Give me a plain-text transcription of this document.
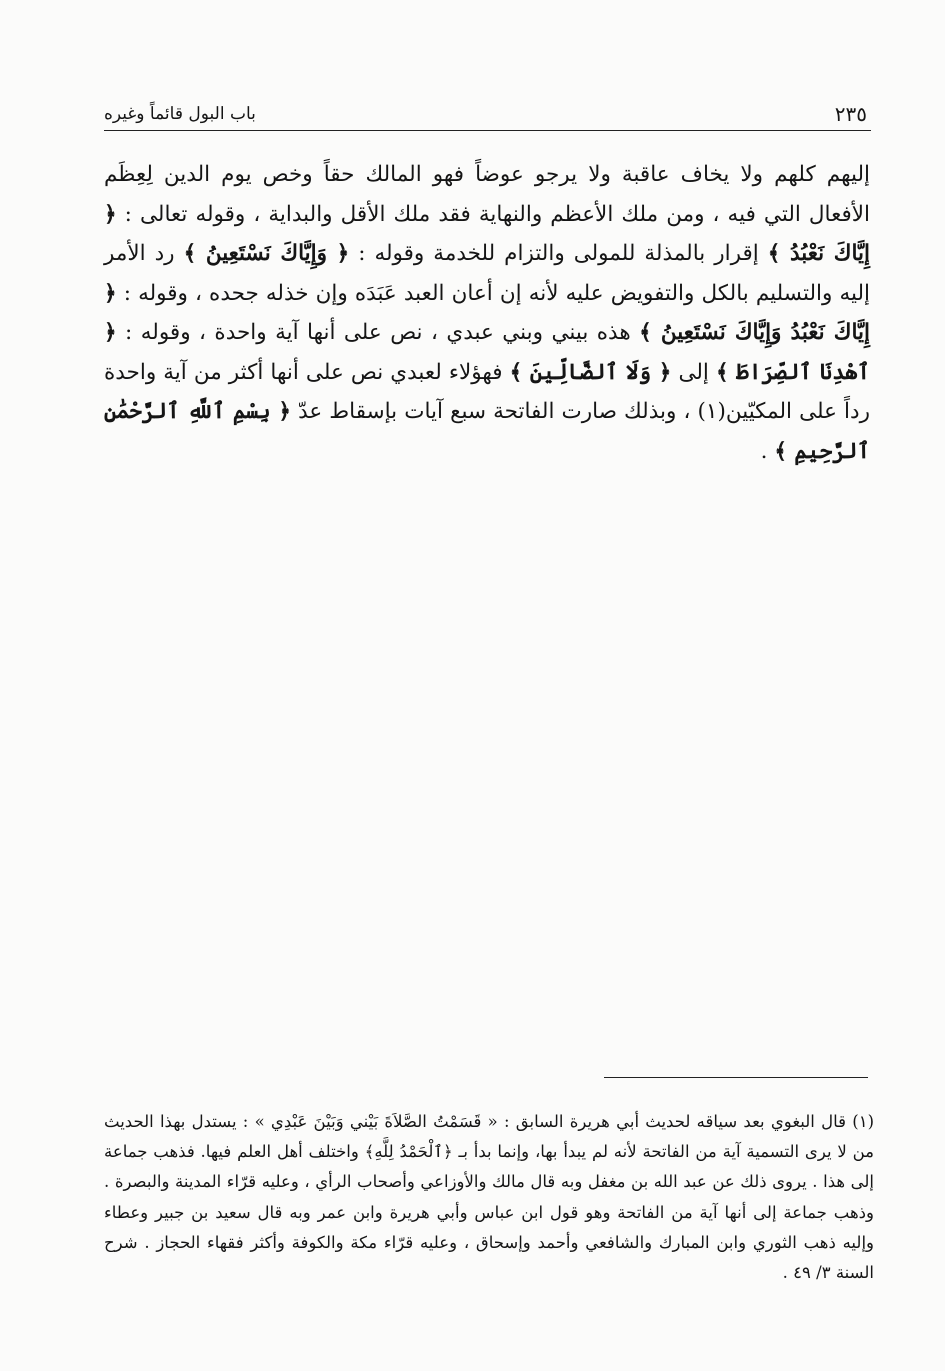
٢٣٥
باب البول قائماً وغيره

إليهم كلهم ولا يخاف عاقبة ولا يرجو عوضاً فهو المالك حقاً وخص يوم الدين لِعِظَم الأفعال التي فيه ، ومن ملك الأعظم والنهاية فقد ملك الأقل والبداية ، وقوله تعالى : ﴿ إِيَّاكَ نَعْبُدُ ﴾ إقرار بالمذلة للمولى والتزام للخدمة وقوله : ﴿ وَإِيَّاكَ نَسْتَعِينُ ﴾ رد الأمر إليه والتسليم بالكل والتفويض عليه لأنه إن أعان العبد عَبَدَه وإن خذله جحده ، وقوله : ﴿ إِيَّاكَ نَعْبُدُ وَإِيَّاكَ نَسْتَعِينُ ﴾ هذه بيني وبني عبدي ، نص على أنها آية واحدة ، وقوله : ﴿ ٱهْدِنَا ٱلصِّرَاطَ ﴾ إلى ﴿ وَلَا ٱلضَّالِّينَ ﴾ فهؤلاء لعبدي نص على أنها أكثر من آية واحدة رداً على المكيّين(١) ، وبذلك صارت الفاتحة سبع آيات بإسقاط عدّ ﴿ بِسْمِ ٱللَّهِ ٱلرَّحْمَٰنِ ٱلرَّحِيمِ ﴾ .

(١) قال البغوي بعد سياقه لحديث أبي هريرة السابق : « قَسَمْتُ الصَّلاَةَ بَيْني وَبَيْنَ عَبْدِي » : يستدل بهذا الحديث من لا يرى التسمية آية من الفاتحة لأنه لم يبدأ بها، وإنما بدأ بـ ﴿ٱلْحَمْدُ لِلَّهِ﴾ واختلف أهل العلم فيها. فذهب جماعة إلى هذا . يروى ذلك عن عبد الله بن مغفل وبه قال مالك والأوزاعي وأصحاب الرأي ، وعليه قرّاء المدينة والبصرة . وذهب جماعة إلى أنها آية من الفاتحة وهو قول ابن عباس وأبي هريرة وابن عمر وبه قال سعيد بن جبير وعطاء وإليه ذهب الثوري وابن المبارك والشافعي وأحمد وإسحاق ، وعليه قرّاء مكة والكوفة وأكثر فقهاء الحجاز . شرح السنة ٣/ ٤٩ .
